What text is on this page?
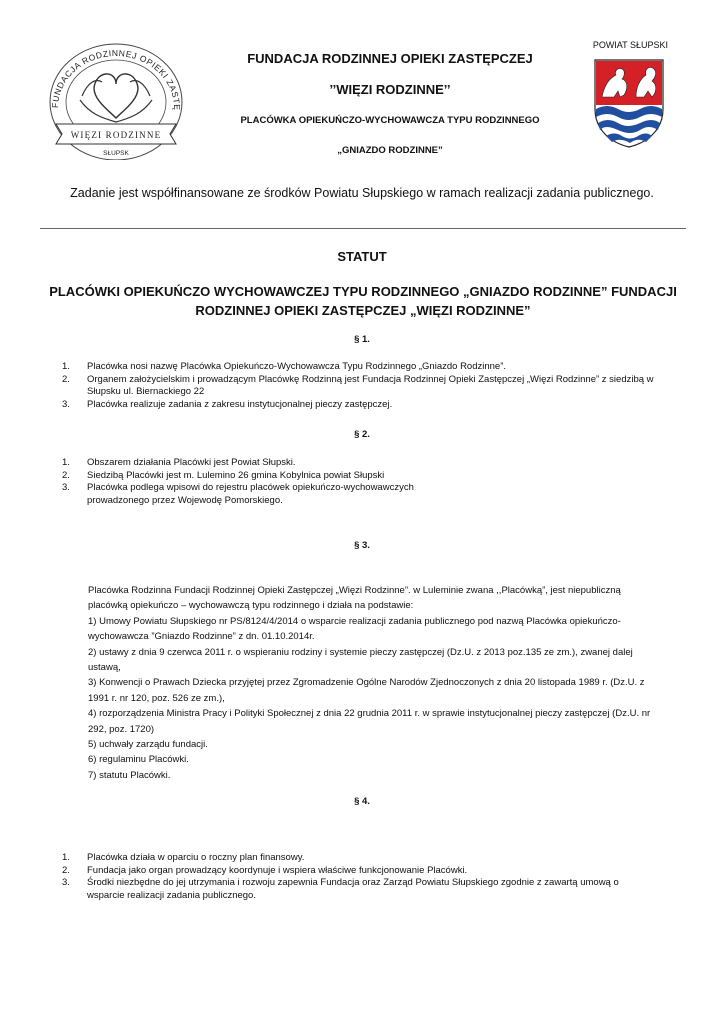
FUNDACJA RODZINNEJ OPIEKI ZASTĘ
WIĘZI RODZINNE
SŁUPSK
FUNDACJA RODZINNEJ OPIEKI ZASTĘPCZEJ
’’WIĘZI RODZINNE’’
PLACÓWKA OPIEKUŃCZO-WYCHOWAWCZA TYPU RODZINNEGO
„GNIAZDO RODZINNE”
POWIAT SŁUPSKI
Zadanie jest współfinansowane ze środków Powiatu Słupskiego w ramach realizacji zadania publicznego.
STATUT
PLACÓWKI OPIEKUŃCZO WYCHOWAWCZEJ TYPU RODZINNEGO „GNIAZDO RODZINNE” FUNDACJI
RODZINNEJ OPIEKI ZASTĘPCZEJ „WIĘZI RODZINNE”
§ 1.
1. Placówka nosi nazwę Placówka Opiekuńczo-Wychowawcza Typu Rodzinnego „Gniazdo Rodzinne”.
2. Organem założycielskim i prowadzącym Placówkę Rodzinną jest Fundacja Rodzinnej Opieki Zastępczej „Więzi Rodzinne” z siedzibą w
Słupsku ul. Biernackiego 22
3. Placówka realizuje zadania z zakresu instytucjonalnej pieczy zastępczej.
§ 2.
1. Obszarem działania Placówki jest Powiat Słupski.
2. Siedzibą Placówki jest m. Lulemino 26 gmina Kobylnica powiat Słupski
3. Placówka podlega wpisowi do rejestru placówek opiekuńczo-wychowawczych
prowadzonego przez Wojewodę Pomorskiego.
§ 3.
Placówka Rodzinna Fundacji Rodzinnej Opieki Zastępczej „Więzi Rodzinne”. w Luleminie zwana ,,Placówką”, jest niepubliczną
placówką opiekuńczo – wychowawczą typu rodzinnego i działa na podstawie:
1) Umowy Powiatu Słupskiego nr PS/8124/4/2014 o wsparcie realizacji zadania publicznego pod nazwą Placówka opiekuńczo-
wychowawcza ”Gniazdo Rodzinne” z dn. 01.10.2014r.
2) ustawy z dnia 9 czerwca 2011 r. o wspieraniu rodziny i systemie pieczy zastępczej (Dz.U. z 2013 poz.135 ze zm.), zwanej dalej
ustawą,
3) Konwencji o Prawach Dziecka przyjętej przez Zgromadzenie Ogólne Narodów Zjednoczonych z dnia 20 listopada 1989 r. (Dz.U. z
1991 r. nr 120, poz. 526 ze zm.),
4) rozporządzenia Ministra Pracy i Polityki Społecznej z dnia 22 grudnia 2011 r. w sprawie instytucjonalnej pieczy zastępczej (Dz.U. nr
292, poz. 1720)
5) uchwały zarządu fundacji.
6) regulaminu Placówki.
7) statutu Placówki.
§ 4.
1. Placówka działa w oparciu o roczny plan finansowy.
2. Fundacja jako organ prowadzący koordynuje i wspiera właściwe funkcjonowanie Placówki.
3. Środki niezbędne do jej utrzymania i rozwoju zapewnia Fundacja oraz Zarząd Powiatu Słupskiego zgodnie z zawartą umową o
wsparcie realizacji zadania publicznego.
